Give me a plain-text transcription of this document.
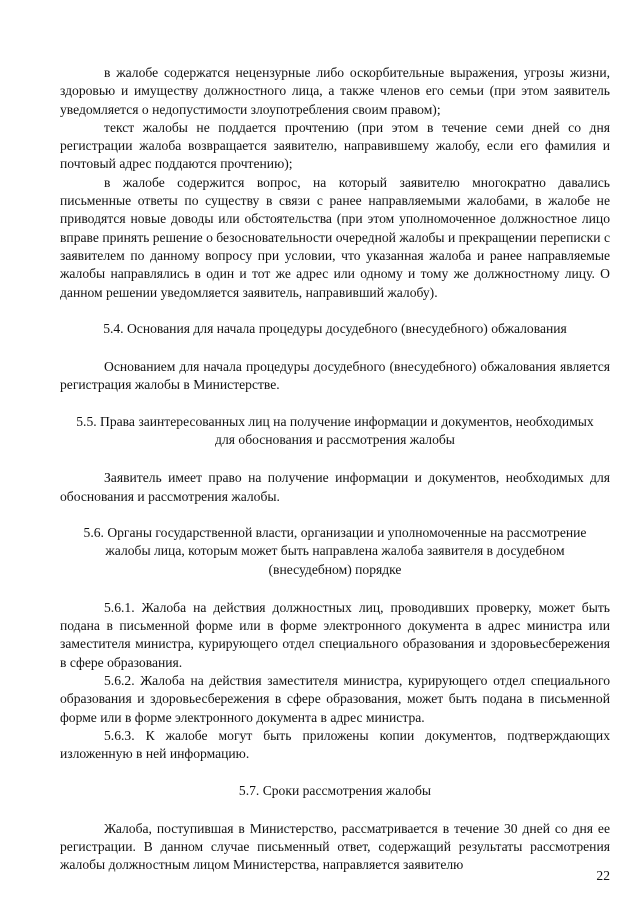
в жалобе содержатся нецензурные либо оскорбительные выражения, угрозы жизни, здоровью и имуществу должностного лица, а также членов его семьи (при этом заявитель уведомляется о недопустимости злоупотребления своим правом);

текст жалобы не поддается прочтению (при этом в течение семи дней со дня регистрации жалоба возвращается заявителю, направившему жалобу, если его фамилия и почтовый адрес поддаются прочтению);

в жалобе содержится вопрос, на который заявителю многократно давались письменные ответы по существу в связи с ранее направляемыми жалобами, в жалобе не приводятся новые доводы или обстоятельства (при этом уполномоченное должностное лицо вправе принять решение о безосновательности очередной жалобы и прекращении переписки с заявителем по данному вопросу при условии, что указанная жалоба и ранее направляемые жалобы направлялись в один и тот же адрес или одному и тому же должностному лицу. О данном решении уведомляется заявитель, направивший жалобу).

5.4. Основания для начала процедуры досудебного (внесудебного) обжалования

Основанием для начала процедуры досудебного (внесудебного) обжалования является регистрация жалобы в Министерстве.

5.5. Права заинтересованных лиц на получение информации и документов, необходимых для обоснования и рассмотрения жалобы

Заявитель имеет право на получение информации и документов, необходимых для обоснования и рассмотрения жалобы.

5.6. Органы государственной власти, организации и уполномоченные на рассмотрение жалобы лица, которым может быть направлена жалоба заявителя в досудебном (внесудебном) порядке

5.6.1. Жалоба на действия должностных лиц, проводивших проверку, может быть подана в письменной форме или в форме электронного документа в адрес министра или заместителя министра, курирующего отдел специального образования и здоровьесбережения в сфере образования.

5.6.2. Жалоба на действия заместителя министра, курирующего отдел специального образования и здоровьесбережения в сфере образования, может быть подана в письменной форме или в форме электронного документа в адрес министра.

5.6.3. К жалобе могут быть приложены копии документов, подтверждающих изложенную в ней информацию.

5.7. Сроки рассмотрения жалобы

Жалоба, поступившая в Министерство, рассматривается в течение 30 дней со дня ее регистрации. В данном случае письменный ответ, содержащий результаты рассмотрения жалобы должностным лицом Министерства, направляется заявителю

22
